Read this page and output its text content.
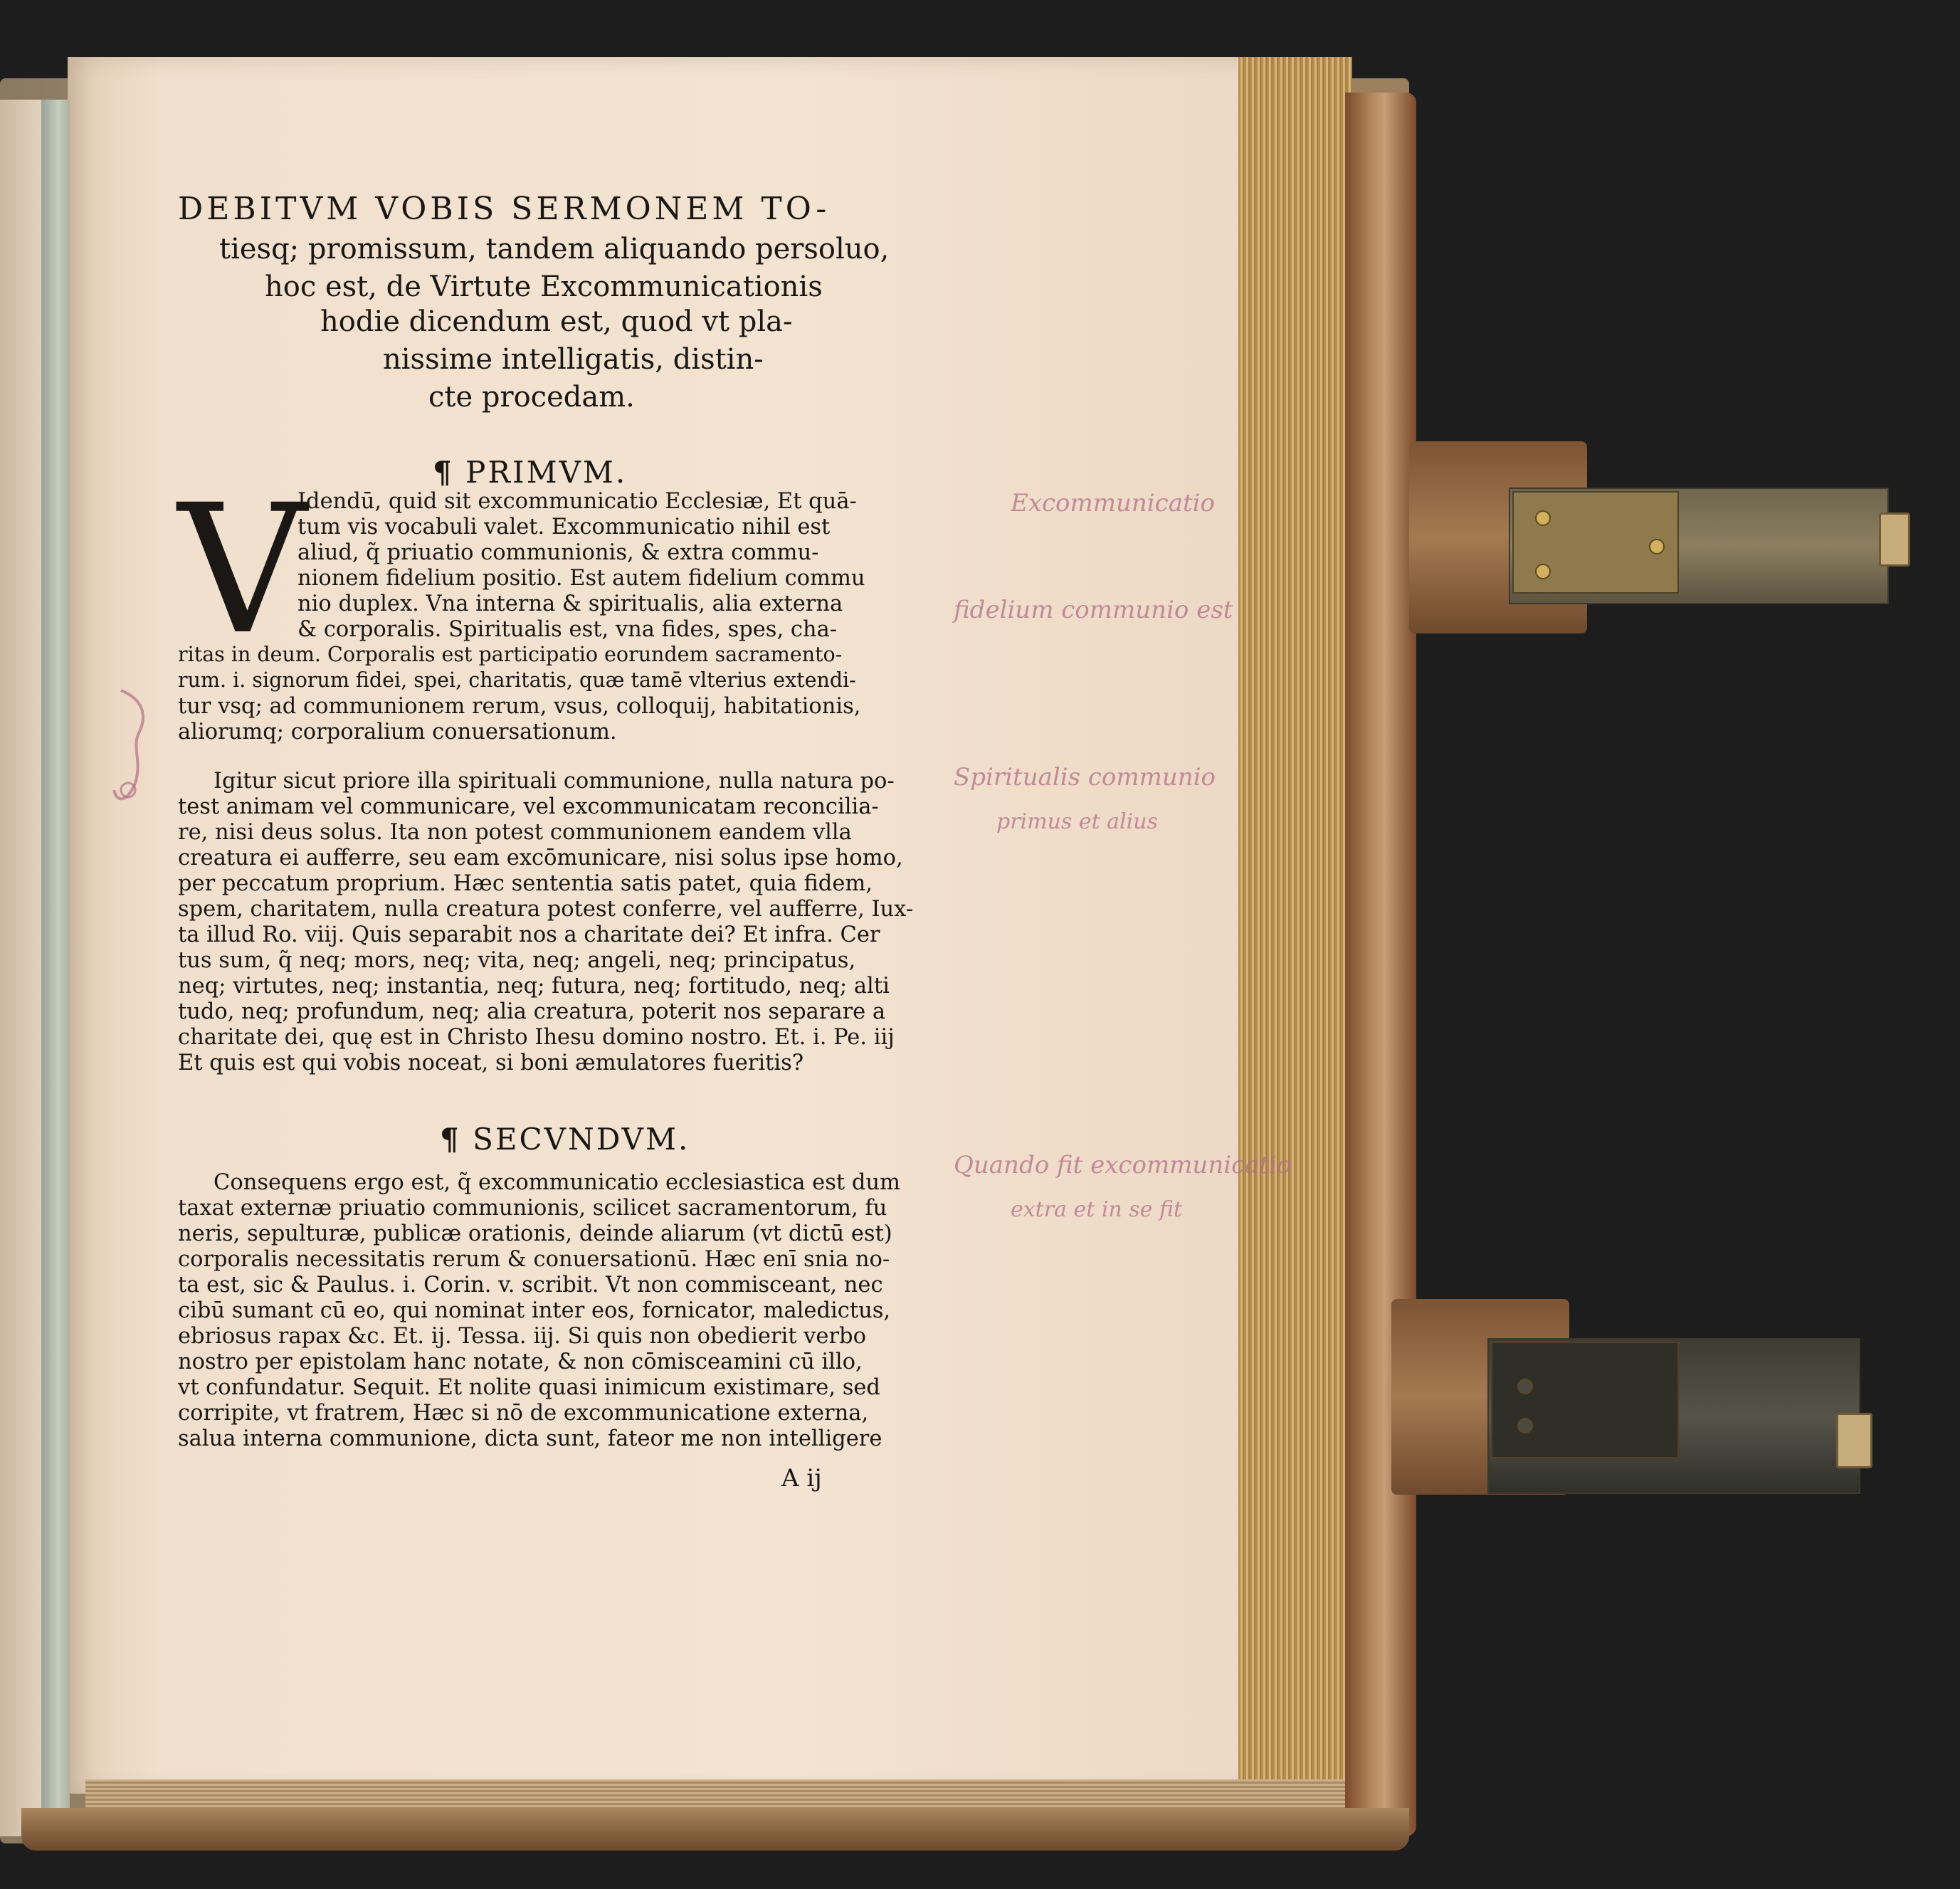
DEBITVM VOBIS SERMONEM TO-
tiesq; promissum, tandem aliquando persoluo,
hoc est, de Virtute Excommunicationis
hodie dicendum est, quod vt pla-
nissime intelligatis, distin-
cte procedam.
¶ PRIMVM.
V
Idendū, quid sit excommunicatio Ecclesiæ, Et quā-
tum vis vocabuli valet. Excommunicatio nihil est
aliud, q̃ priuatio communionis, & extra commu-
nionem fidelium positio. Est autem fidelium commu
nio duplex. Vna interna & spiritualis, alia externa
& corporalis. Spiritualis est, vna fides, spes, cha-
ritas in deum. Corporalis est participatio eorundem sacramento-
rum. i. signorum fidei, spei, charitatis, quæ tamē vlterius extendi-
tur vsq; ad communionem rerum, vsus, colloquij, habitationis,
aliorumq; corporalium conuersationum.
Igitur sicut priore illa spirituali communione, nulla natura po-
test animam vel communicare, vel excommunicatam reconcilia-
re, nisi deus solus. Ita non potest communionem eandem vlla
creatura ei aufferre, seu eam excōmunicare, nisi solus ipse homo,
per peccatum proprium. Hæc sententia satis patet, quia fidem,
spem, charitatem, nulla creatura potest conferre, vel aufferre, Iux-
ta illud Ro. viij. Quis separabit nos a charitate dei? Et infra. Cer
tus sum, q̃ neq; mors, neq; vita, neq; angeli, neq; principatus,
neq; virtutes, neq; instantia, neq; futura, neq; fortitudo, neq; alti
tudo, neq; profundum, neq; alia creatura, poterit nos separare a
charitate dei, quę est in Christo Ihesu domino nostro. Et. i. Pe. iij
Et quis est qui vobis noceat, si boni æmulatores fueritis?
¶ SECVNDVM.
Consequens ergo est, q̃ excommunicatio ecclesiastica est dum
taxat externæ priuatio communionis, scilicet sacramentorum, fu
neris, sepulturæ, publicæ orationis, deinde aliarum (vt dictū est)
corporalis necessitatis rerum & conuersationū. Hæc enī snia no-
ta est, sic & Paulus. i. Corin. v. scribit. Vt non commisceant, nec
cibū sumant cū eo, qui nominat inter eos, fornicator, maledictus,
ebriosus rapax &c. Et. ij. Tessa. iij. Si quis non obedierit verbo
nostro per epistolam hanc notate, & non cōmisceamini cū illo,
vt confundatur. Sequit. Et nolite quasi inimicum existimare, sed
corripite, vt fratrem, Hæc si nō de excommunicatione externa,
salua interna communione, dicta sunt, fateor me non intelligere
A ij
Excommunicatio
fidelium communio est
Spiritualis communio
primus et alius
Quando fit excommunicatio
extra et in se fit
